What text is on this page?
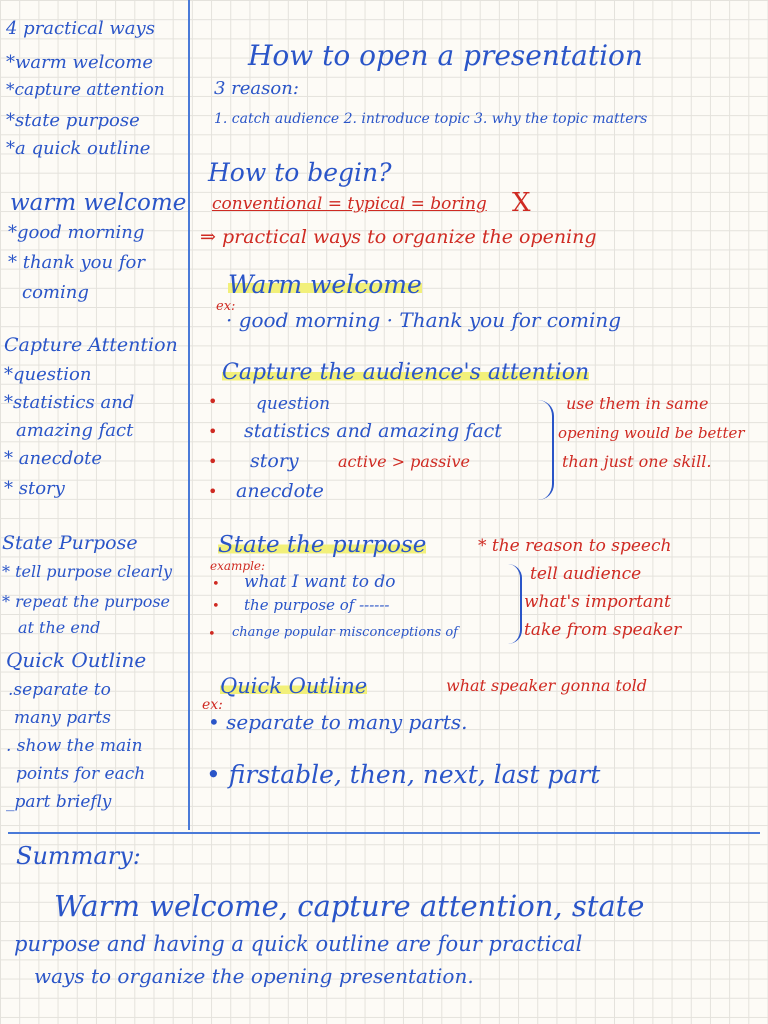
4 practical ways
*warm welcome
*capture attention
*state purpose
*a quick outline
warm welcome
*good morning
* thank you for
coming
Capture Attention
*question
*statistics and
amazing fact
* anecdote
* story
State Purpose
* tell purpose clearly
* repeat the purpose
at the end
Quick Outline
.separate to
many parts
. show the main
points for each
_part briefly
How to open a presentation
3 reason:
1. catch audience 2. introduce topic 3. why the topic matters
How to begin?
conventional = typical = boring X
⇒ practical ways to organize the opening
Warm welcome
ex:
· good morning · Thank you for coming
Capture the audience's attention
• question
• statistics and amazing fact
• story active > passive
• anecdote
use them in same
opening would be better
than just one skill.
State the purpose	* the reason to speech
example:
• what I want to do
• the purpose of ------
• change popular misconceptions of
tell audience
what's important
take from speaker
Quick Outline	what speaker gonna told
ex:
• separate to many parts.
• firstable, then, next, last part
Summary:
Warm welcome, capture attention, state
purpose and having a quick outline are four practical
ways to organize the opening presentation.
